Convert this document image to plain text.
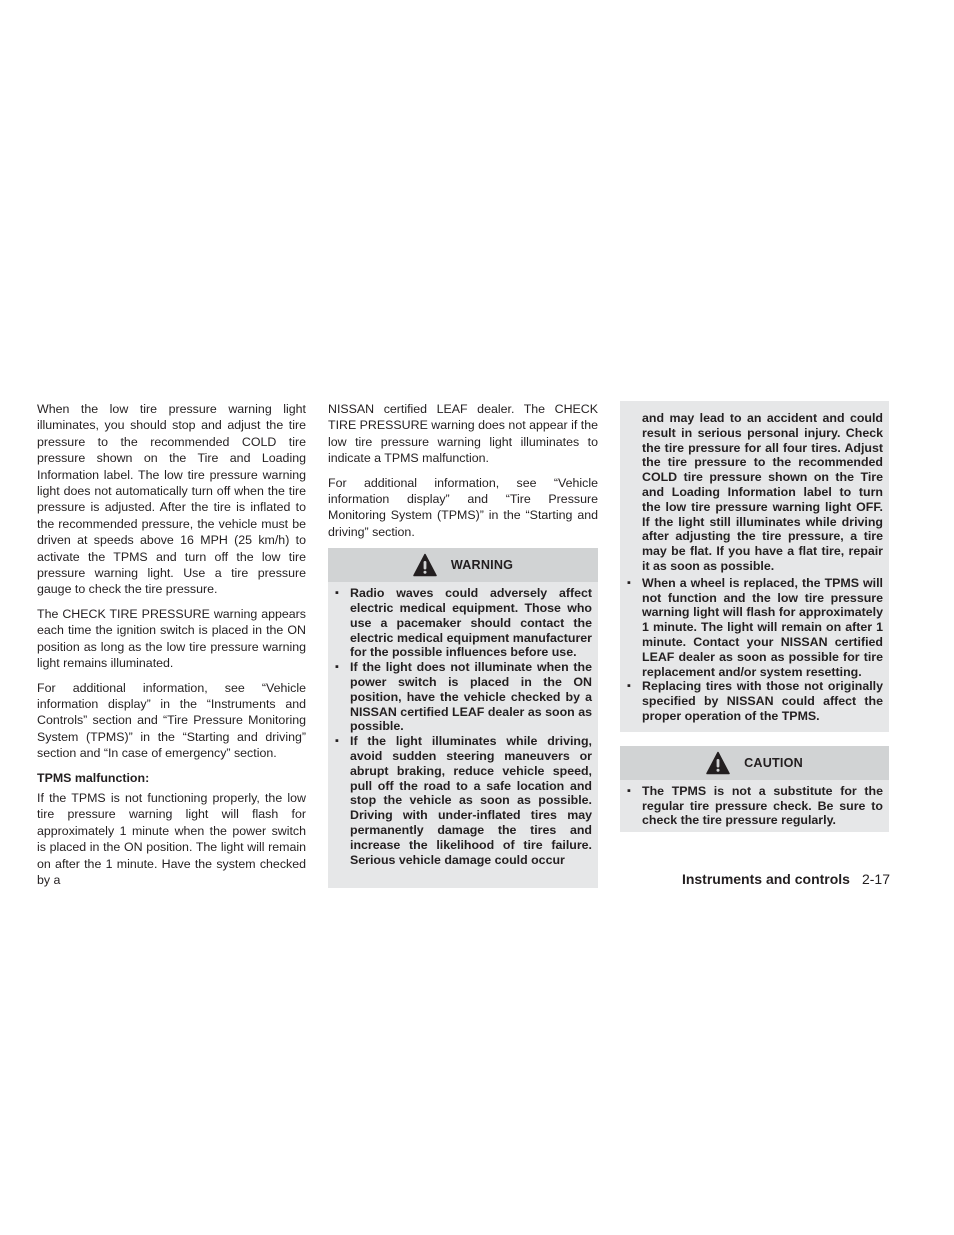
When the low tire pressure warning light illuminates, you should stop and adjust the tire pressure to the recommended COLD tire pressure shown on the Tire and Loading Information label. The low tire pressure warning light does not automatically turn off when the tire pressure is adjusted. After the tire is inflated to the recommended pressure, the vehicle must be driven at speeds above 16 MPH (25 km/h) to activate the TPMS and turn off the low tire pressure warning light. Use a tire pressure gauge to check the tire pressure.

The CHECK TIRE PRESSURE warning appears each time the ignition switch is placed in the ON position as long as the low tire pressure warning light remains illuminated.

For additional information, see “Vehicle information display” in the “Instruments and Controls” section and “Tire Pressure Monitoring System (TPMS)” in the “Starting and driving” section and “In case of emergency” section.

TPMS malfunction:

If the TPMS is not functioning properly, the low tire pressure warning light will flash for approximately 1 minute when the power switch is placed in the ON position. The light will remain on after the 1 minute. Have the system checked by a

NISSAN certified LEAF dealer. The CHECK TIRE PRESSURE warning does not appear if the low tire pressure warning light illuminates to indicate a TPMS malfunction.

For additional information, see “Vehicle information display” and “Tire Pressure Monitoring System (TPMS)” in the “Starting and driving” section.

WARNING
▪ Radio waves could adversely affect electric medical equipment. Those who use a pacemaker should contact the electric medical equipment manufacturer for the possible influences before use.
▪ If the light does not illuminate when the power switch is placed in the ON position, have the vehicle checked by a NISSAN certified LEAF dealer as soon as possible.
▪ If the light illuminates while driving, avoid sudden steering maneuvers or abrupt braking, reduce vehicle speed, pull off the road to a safe location and stop the vehicle as soon as possible. Driving with under-inflated tires may permanently damage the tires and increase the likelihood of tire failure. Serious vehicle damage could occur
and may lead to an accident and could result in serious personal injury. Check the tire pressure for all four tires. Adjust the tire pressure to the recommended COLD tire pressure shown on the Tire and Loading Information label to turn the low tire pressure warning light OFF. If the light still illuminates while driving after adjusting the tire pressure, a tire may be flat. If you have a flat tire, repair it as soon as possible.
▪ When a wheel is replaced, the TPMS will not function and the low tire pressure warning light will flash for approximately 1 minute. The light will remain on after 1 minute. Contact your NISSAN certified LEAF dealer as soon as possible for tire replacement and/or system resetting.
▪ Replacing tires with those not originally specified by NISSAN could affect the proper operation of the TPMS.
CAUTION
▪ The TPMS is not a substitute for the regular tire pressure check. Be sure to check the tire pressure regularly.
Instruments and controls 2-17
